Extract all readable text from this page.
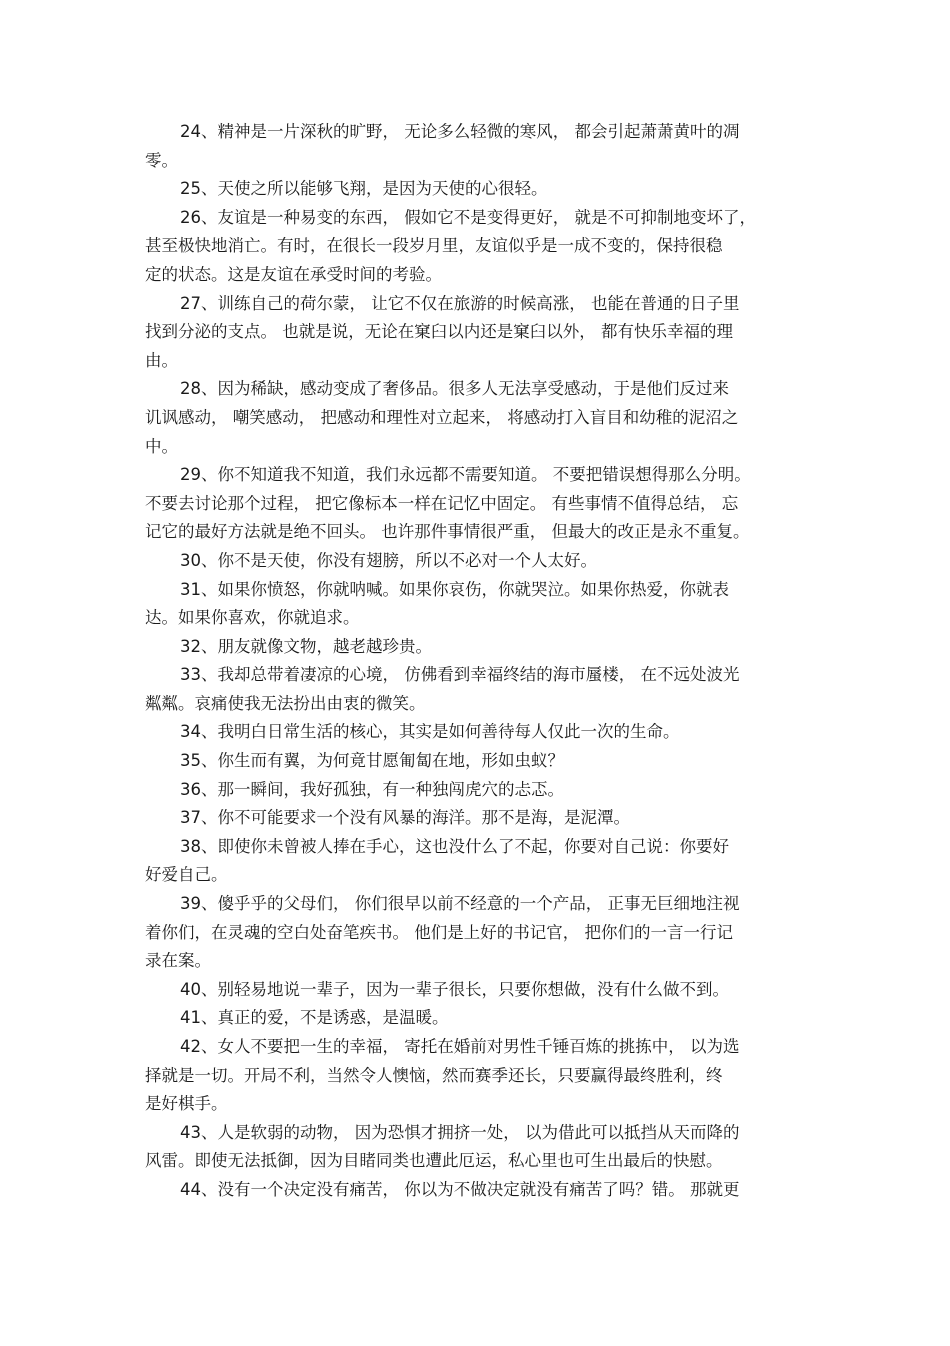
24、精神是一片深秋的旷野， 无论多么轻微的寒风， 都会引起萧萧黄叶的凋
零。

25、天使之所以能够飞翔，是因为天使的心很轻。

26、友谊是一种易变的东西， 假如它不是变得更好， 就是不可抑制地变坏了，
甚至极快地消亡。有时，在很长一段岁月里，友谊似乎是一成不变的，保持很稳
定的状态。这是友谊在承受时间的考验。

27、训练自己的荷尔蒙， 让它不仅在旅游的时候高涨， 也能在普通的日子里
找到分泌的支点。 也就是说，无论在窠臼以内还是窠臼以外， 都有快乐幸福的理
由。

28、因为稀缺，感动变成了奢侈品。很多人无法享受感动，于是他们反过来
讥讽感动， 嘲笑感动， 把感动和理性对立起来， 将感动打入盲目和幼稚的泥沼之
中。

29、你不知道我不知道，我们永远都不需要知道。 不要把错误想得那么分明。
不要去讨论那个过程， 把它像标本一样在记忆中固定。 有些事情不值得总结， 忘
记它的最好方法就是绝不回头。 也许那件事情很严重， 但最大的改正是永不重复。

30、你不是天使，你没有翅膀，所以不必对一个人太好。

31、如果你愤怒，你就呐喊。如果你哀伤，你就哭泣。如果你热爱，你就表
达。如果你喜欢，你就追求。

32、朋友就像文物，越老越珍贵。

33、我却总带着凄凉的心境， 仿佛看到幸福终结的海市蜃楼， 在不远处波光
粼粼。哀痛使我无法扮出由衷的微笑。

34、我明白日常生活的核心，其实是如何善待每人仅此一次的生命。

35、你生而有翼，为何竟甘愿匍匐在地，形如虫蚁？

36、那一瞬间，我好孤独，有一种独闯虎穴的忐忑。

37、你不可能要求一个没有风暴的海洋。那不是海，是泥潭。

38、即使你未曾被人捧在手心，这也没什么了不起，你要对自己说：你要好
好爱自己。

39、傻乎乎的父母们， 你们很早以前不经意的一个产品， 正事无巨细地注视
着你们，在灵魂的空白处奋笔疾书。 他们是上好的书记官， 把你们的一言一行记
录在案。

40、别轻易地说一辈子，因为一辈子很长，只要你想做，没有什么做不到。

41、真正的爱，不是诱惑，是温暖。

42、女人不要把一生的幸福， 寄托在婚前对男性千锤百炼的挑拣中， 以为选
择就是一切。开局不利，当然令人懊恼，然而赛季还长，只要赢得最终胜利，终
是好棋手。

43、人是软弱的动物， 因为恐惧才拥挤一处， 以为借此可以抵挡从天而降的
风雷。即使无法抵御，因为目睹同类也遭此厄运，私心里也可生出最后的快慰。

44、没有一个决定没有痛苦， 你以为不做决定就没有痛苦了吗？错。 那就更
